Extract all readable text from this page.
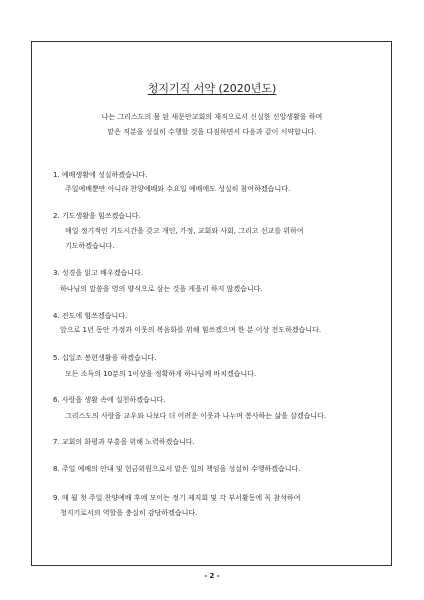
청지기직 서약 (2020년도)
나는 그리스도의 몸 된 새문안교회의 재직으로서 신실한 신앙생활을 하며
맡은 직분을 성실히 수행할 것을 다짐하면서 다음과 같이 서약합니다.
1. 예배생활에 성실하겠습니다.
주일예배뿐만 아니라 찬양예배와 수요일 예배에도 성실히 참여하겠습니다.
2. 기도생활을 힘쓰겠습니다.
매일 정기적인 기도시간을 갖고 개인, 가정, 교회와 사회, 그리고 선교를 위하여
기도하겠습니다.
3. 성경을 읽고 배우겠습니다.
하나님의 말씀을 영의 양식으로 삼는 것을 게을리 하지 않겠습니다.
4. 전도에 힘쓰겠습니다.
앞으로 1년 동안 가정과 이웃의 복음화를 위해 힘쓰겠으며 한 분 이상 전도하겠습니다.
5. 십일조 봉헌생활을 하겠습니다.
모든 소득의 10분의 1이상을 정확하게 하나님께 바치겠습니다.
6. 사랑을 생활 속에 실천하겠습니다.
그리스도의 사랑을 교우와 나보다 더 어려운 이웃과 나누며 봉사하는 삶을 살겠습니다.
7. 교회의 화평과 부흥을 위해 노력하겠습니다.
8. 주일 예배의 안내 및 헌금위원으로서 맡은 일의 책임을 성실히 수행하겠습니다.
9. 매 월 첫 주일 찬양예배 후에 모이는 정기 제직회 및 각 부서활동에 꼭 참석하여
청지기로서의 역할을 충실히 감당하겠습니다.
- 2 -
